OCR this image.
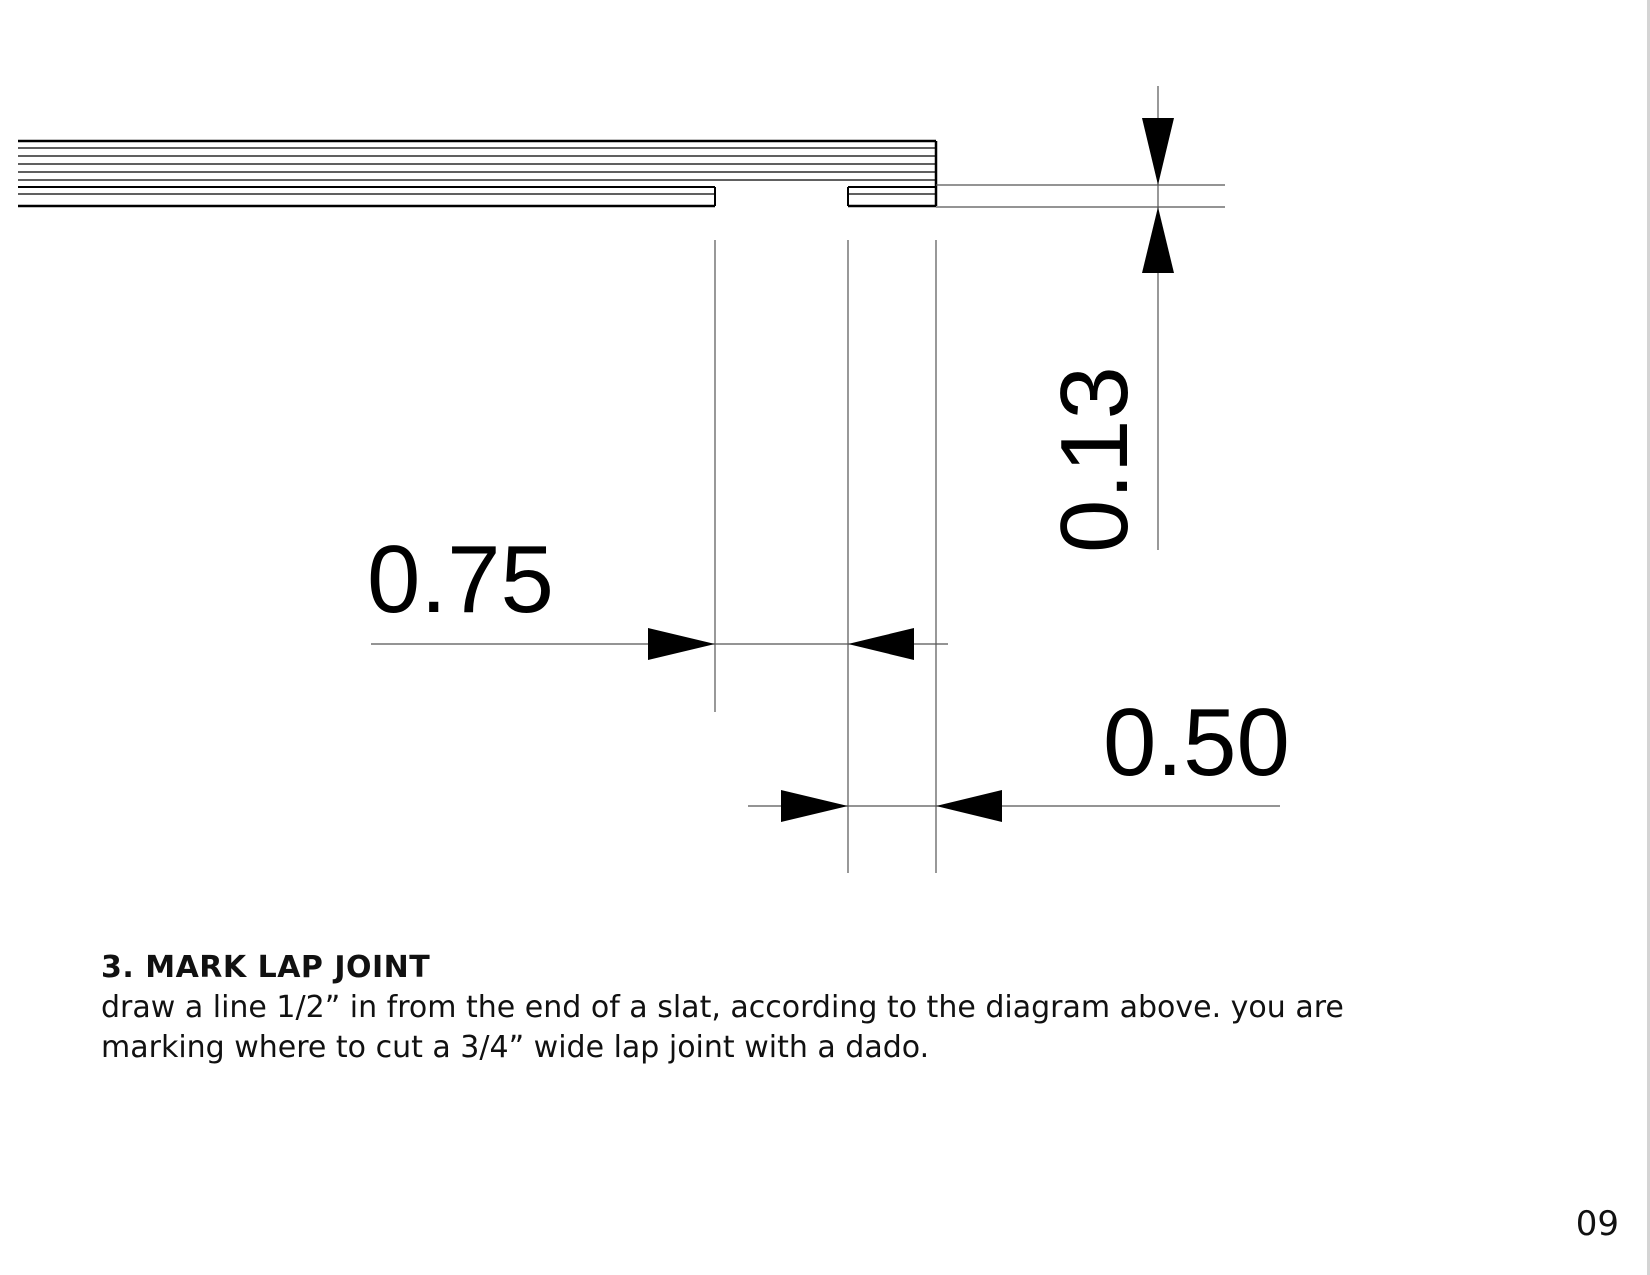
0.75
0.50
0.13

3. MARK LAP JOINT

draw a line 1/2” in from the end of a slat, according to the diagram above. you are

marking where to cut a 3/4” wide lap joint with a dado.

09
